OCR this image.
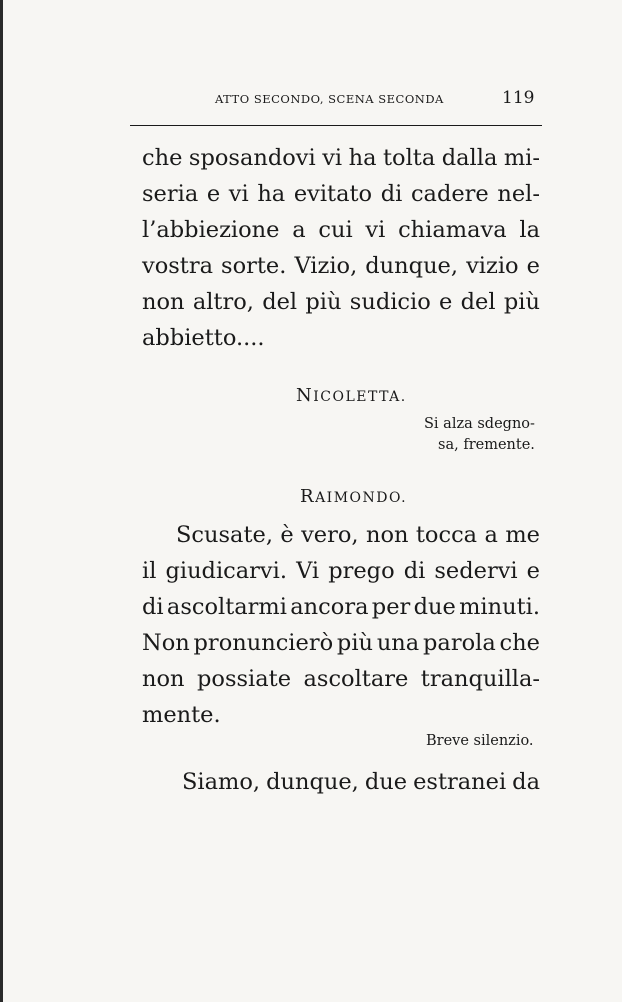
ATTO SECONDO, SCENA SECONDA	119
che sposandovi vi ha tolta dalla mi-
seria e vi ha evitato di cadere nel-
l’abbiezione a cui vi chiamava la
vostra sorte. Vizio, dunque, vizio e
non altro, del più sudicio e del più
abbietto....
NICOLETTA.
Si alza sdegno-
sa, fremente.
RAIMONDO.
Scusate, è vero, non tocca a me
il giudicarvi. Vi prego di sedervi e
di ascoltarmi ancora per due minuti.
Non pronuncierò più una parola che
non possiate ascoltare tranquilla-
mente.
Breve silenzio.
Siamo, dunque, due estranei da
